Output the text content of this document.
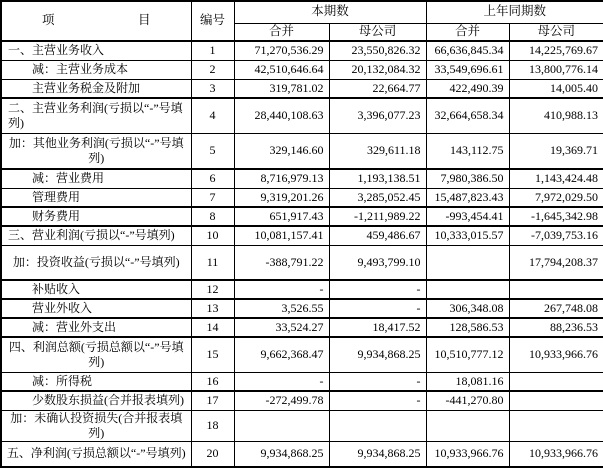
项 目	编号	本期数		上年同期数	
		合并	母公司	合并	母公司
一、主营业务收入	1	71,270,536.29	23,550,826.32	66,636,845.34	14,225,769.67
减：主营业务成本	2	42,510,646.64	20,132,084.32	33,549,696.61	13,800,776.14
主营业务税金及附加	3	319,781.02	22,664.77	422,490.39	14,005.40
二、主营业务利润(亏损以“-”号填列)	4	28,440,108.63	3,396,077.23	32,664,658.34	410,988.13
加：其他业务利润(亏损以“-”号填列)	5	329,146.60	329,611.18	143,112.75	19,369.71
减：营业费用	6	8,716,979.13	1,193,138.51	7,980,386.50	1,143,424.48
管理费用	7	9,319,201.26	3,285,052.45	15,487,823.43	7,972,029.50
财务费用	8	651,917.43	-1,211,989.22	-993,454.41	-1,645,342.98
三、营业利润(亏损以“-”号填列)	10	10,081,157.41	459,486.67	10,333,015.57	-7,039,753.16
加：投资收益(亏损以“-”号填列)	11	-388,791.22	9,493,799.10		17,794,208.37
补贴收入	12	-	-		
营业外收入	13	3,526.55	-	306,348.08	267,748.08
减：营业外支出	14	33,524.27	18,417.52	128,586.53	88,236.53
四、利润总额(亏损总额以“-”号填列)	15	9,662,368.47	9,934,868.25	10,510,777.12	10,933,966.76
减：所得税	16	-	-	18,081.16	
少数股东损益(合并报表填列)	17	-272,499.78	-	-441,270.80	
加：未确认投资损失(合并报表填列)	18				
五、净利润(亏损总额以“-”号填列)	20	9,934,868.25	9,934,868.25	10,933,966.76	10,933,966.76
